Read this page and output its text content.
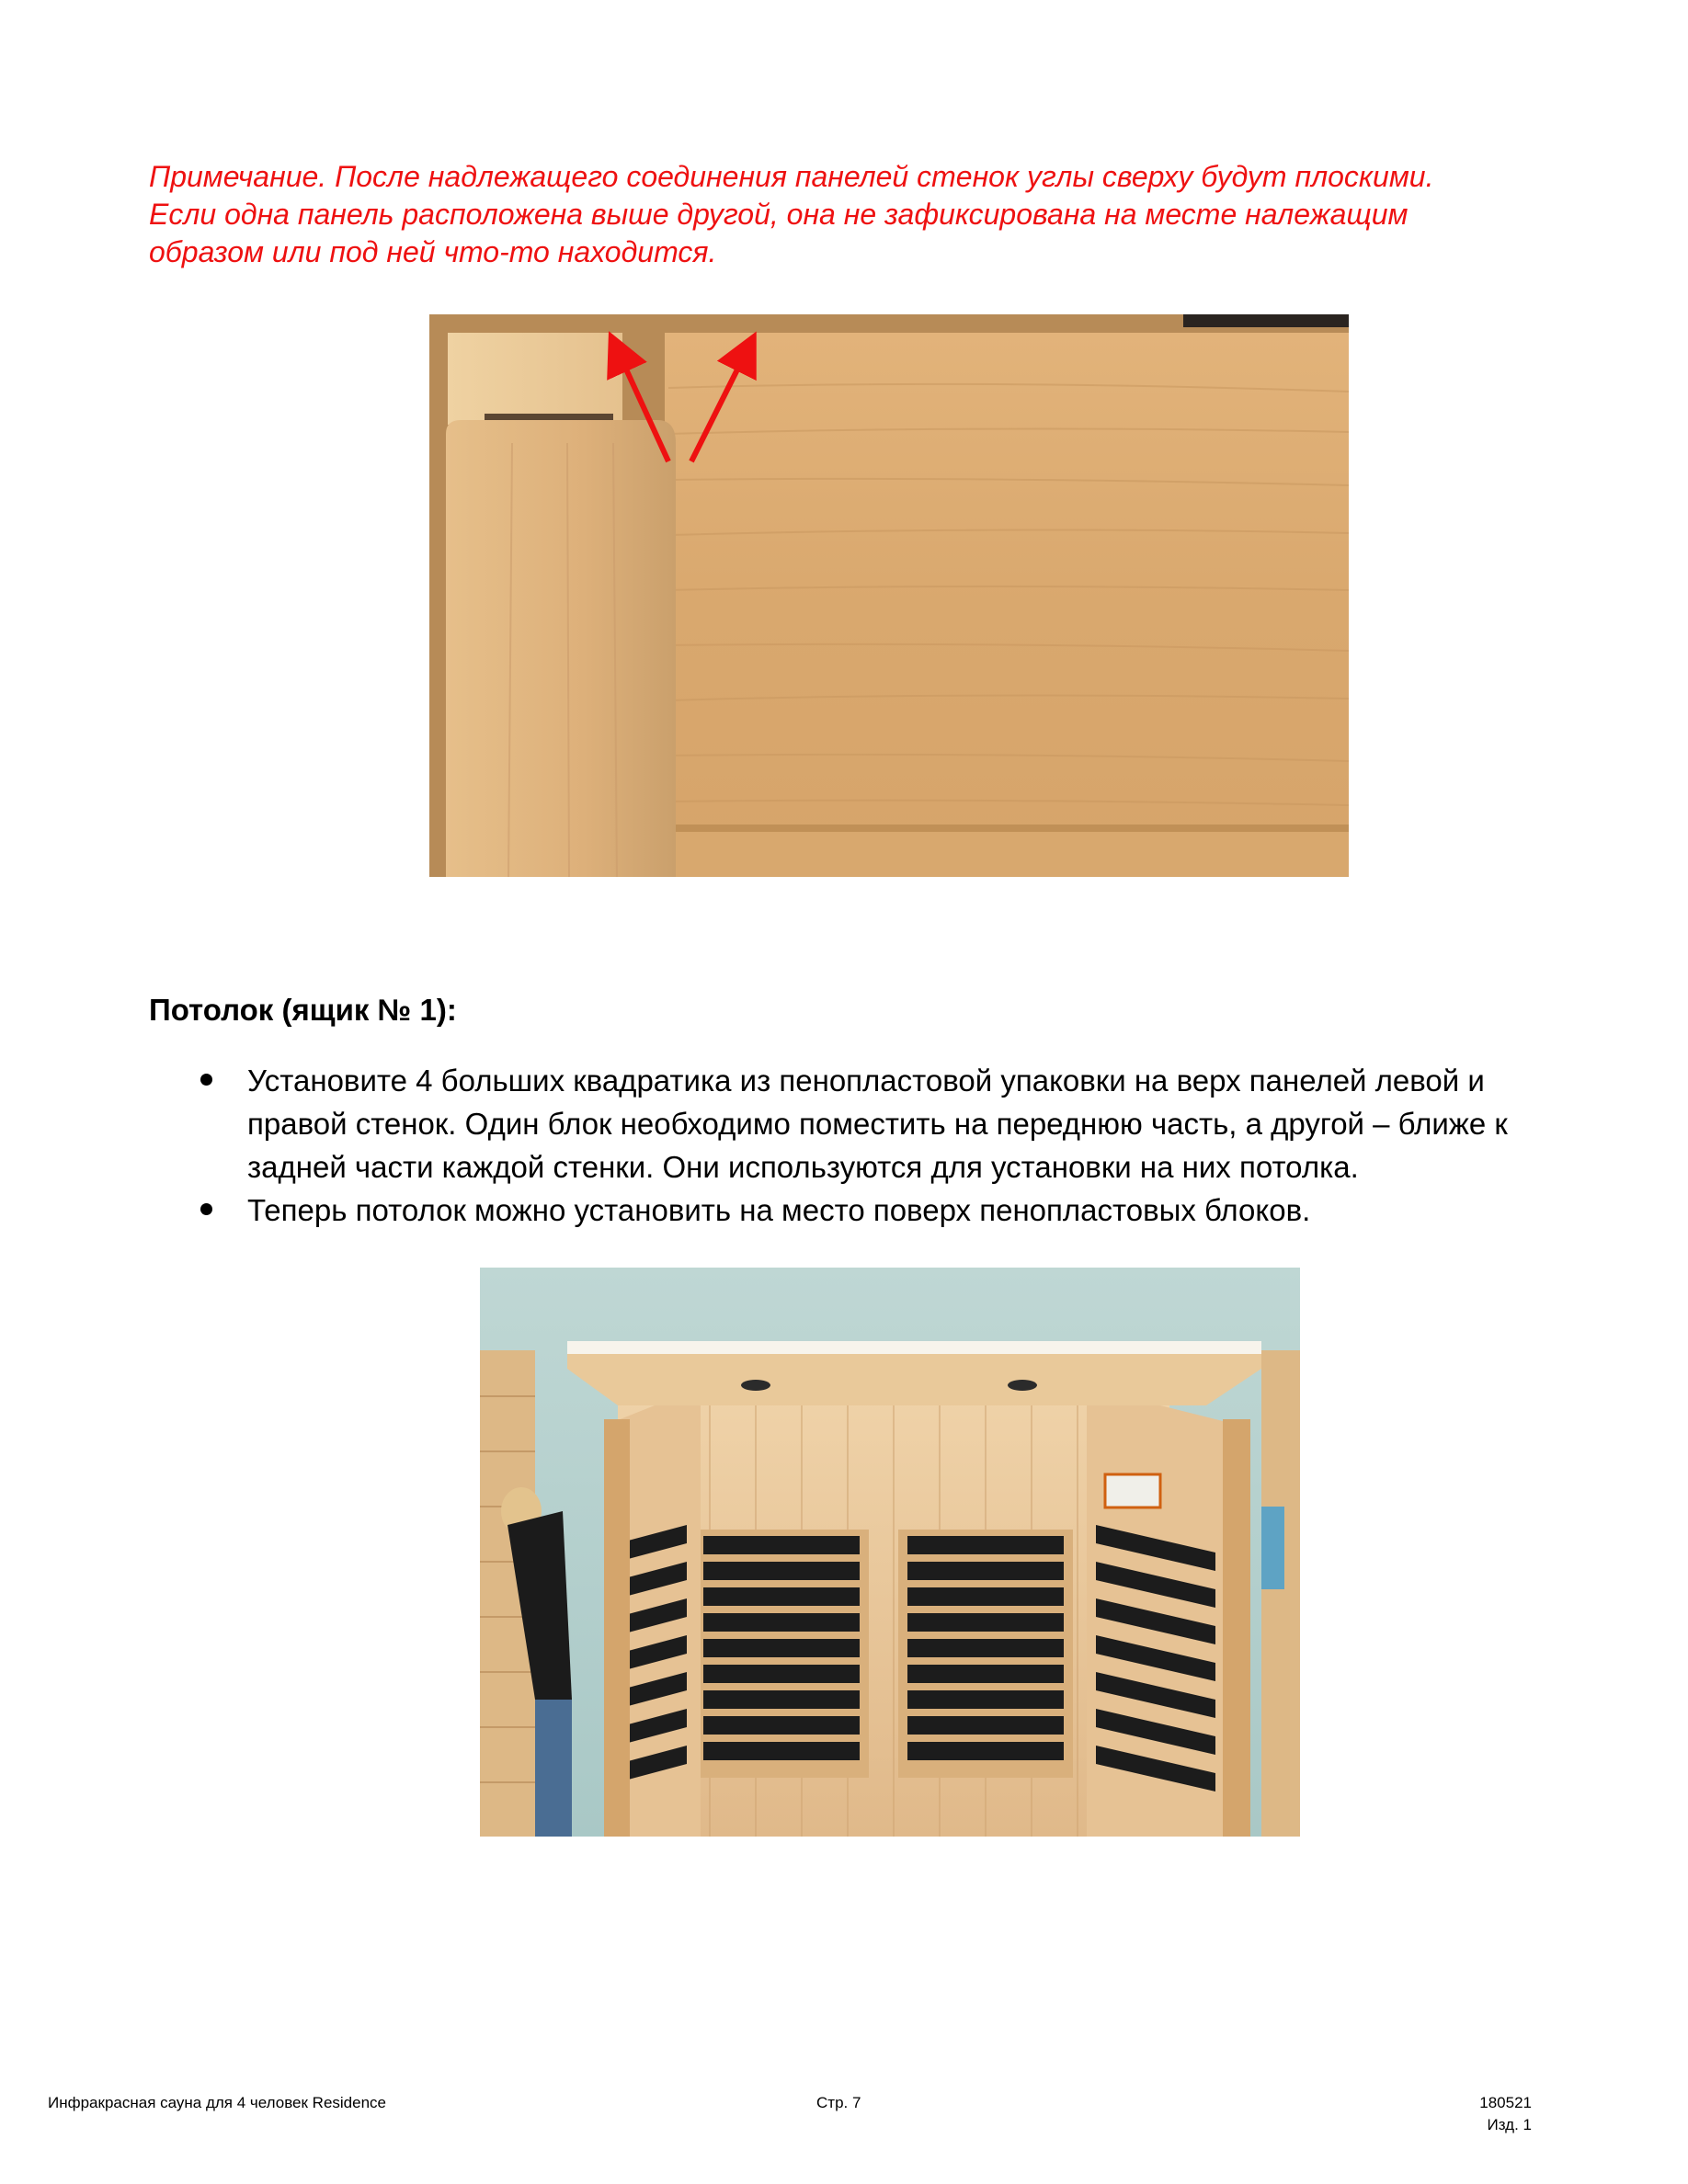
Примечание. После надлежащего соединения панелей стенок углы сверху будут плоскими.
Если одна панель расположена выше другой, она не зафиксирована на месте належащим
образом или под ней что-то находится.
Потолок (ящик № 1):
Установите 4 больших квадратика из пенопластовой упаковки на верх панелей левой и
правой стенок. Один блок необходимо поместить на переднюю часть, а другой – ближе к
задней части каждой стенки. Они используются для установки на них потолка.
Теперь потолок можно установить на место поверх пенопластовых блоков.
Инфракрасная сауна для 4 человек Residence	Стр. 7	180521
Изд. 1
